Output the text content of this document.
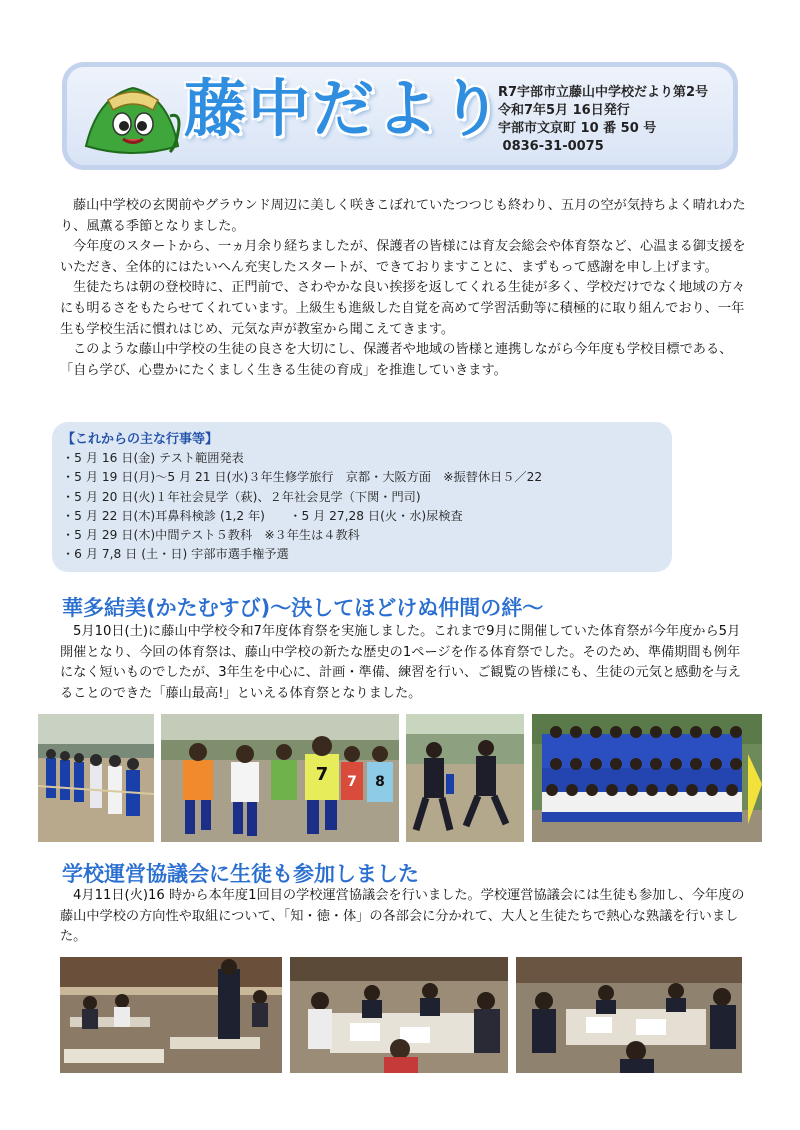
藤中だより
R7宇部市立藤山中学校だより第2号
令和7年5月 16日発行
宇部市文京町 10 番 50 号
0836-31-0075

藤山中学校の玄関前やグラウンド周辺に美しく咲きこぼれていたつつじも終わり、五月の空が気持ちよく晴れわたり、風薫る季節となりました。

今年度のスタートから、一ヵ月余り経ちましたが、保護者の皆様には育友会総会や体育祭など、心温まる御支援をいただき、全体的にはたいへん充実したスタートが、できておりますことに、まずもって感謝を申し上げます。

生徒たちは朝の登校時に、正門前で、さわやかな良い挨拶を返してくれる生徒が多く、学校だけでなく地域の方々にも明るさをもたらせてくれています。上級生も進級した自覚を高めて学習活動等に積極的に取り組んでおり、一年生も学校生活に慣れはじめ、元気な声が教室から聞こえてきます。

このような藤山中学校の生徒の良さを大切にし、保護者や地域の皆様と連携しながら今年度も学校目標である、「自ら学び、心豊かにたくましく生きる生徒の育成」を推進していきます。

【これからの主な行事等】
・5 月 16 日(金) テスト範囲発表
・5 月 19 日(月)～5 月 21 日(水)３年生修学旅行　京都・大阪方面　※振替休日５／22
・5 月 20 日(火)１年社会見学（萩)、２年社会見学（下関・門司)
・5 月 22 日(木)耳鼻科検診 (1,2 年)　　・5 月 27,28 日(火・水)尿検査
・5 月 29 日(木)中間テスト５教科　※３年生は４教科
・6 月 7,8 日 (土・日) 宇部市選手権予選
華多結美(かたむすび)～決してほどけぬ仲間の絆～

5月10日(土)に藤山中学校令和7年度体育祭を実施しました。これまで9月に開催していた体育祭が今年度から5月開催となり、今回の体育祭は、藤山中学校の新たな歴史の1ページを作る体育祭でした。そのため、準備期間も例年になく短いものでしたが、3年生を中心に、計画・準備、練習を行い、ご観覧の皆様にも、生徒の元気と感動を与えることのできた「藤山最高!」といえる体育祭となりました。

7 7 8
学校運営協議会に生徒も参加しました

4月11日(火)16 時から本年度1回目の学校運営協議会を行いました。学校運営協議会には生徒も参加し、今年度の藤山中学校の方向性や取組について、「知・徳・体」の各部会に分かれて、大人と生徒たちで熱心な熟議を行いました。
